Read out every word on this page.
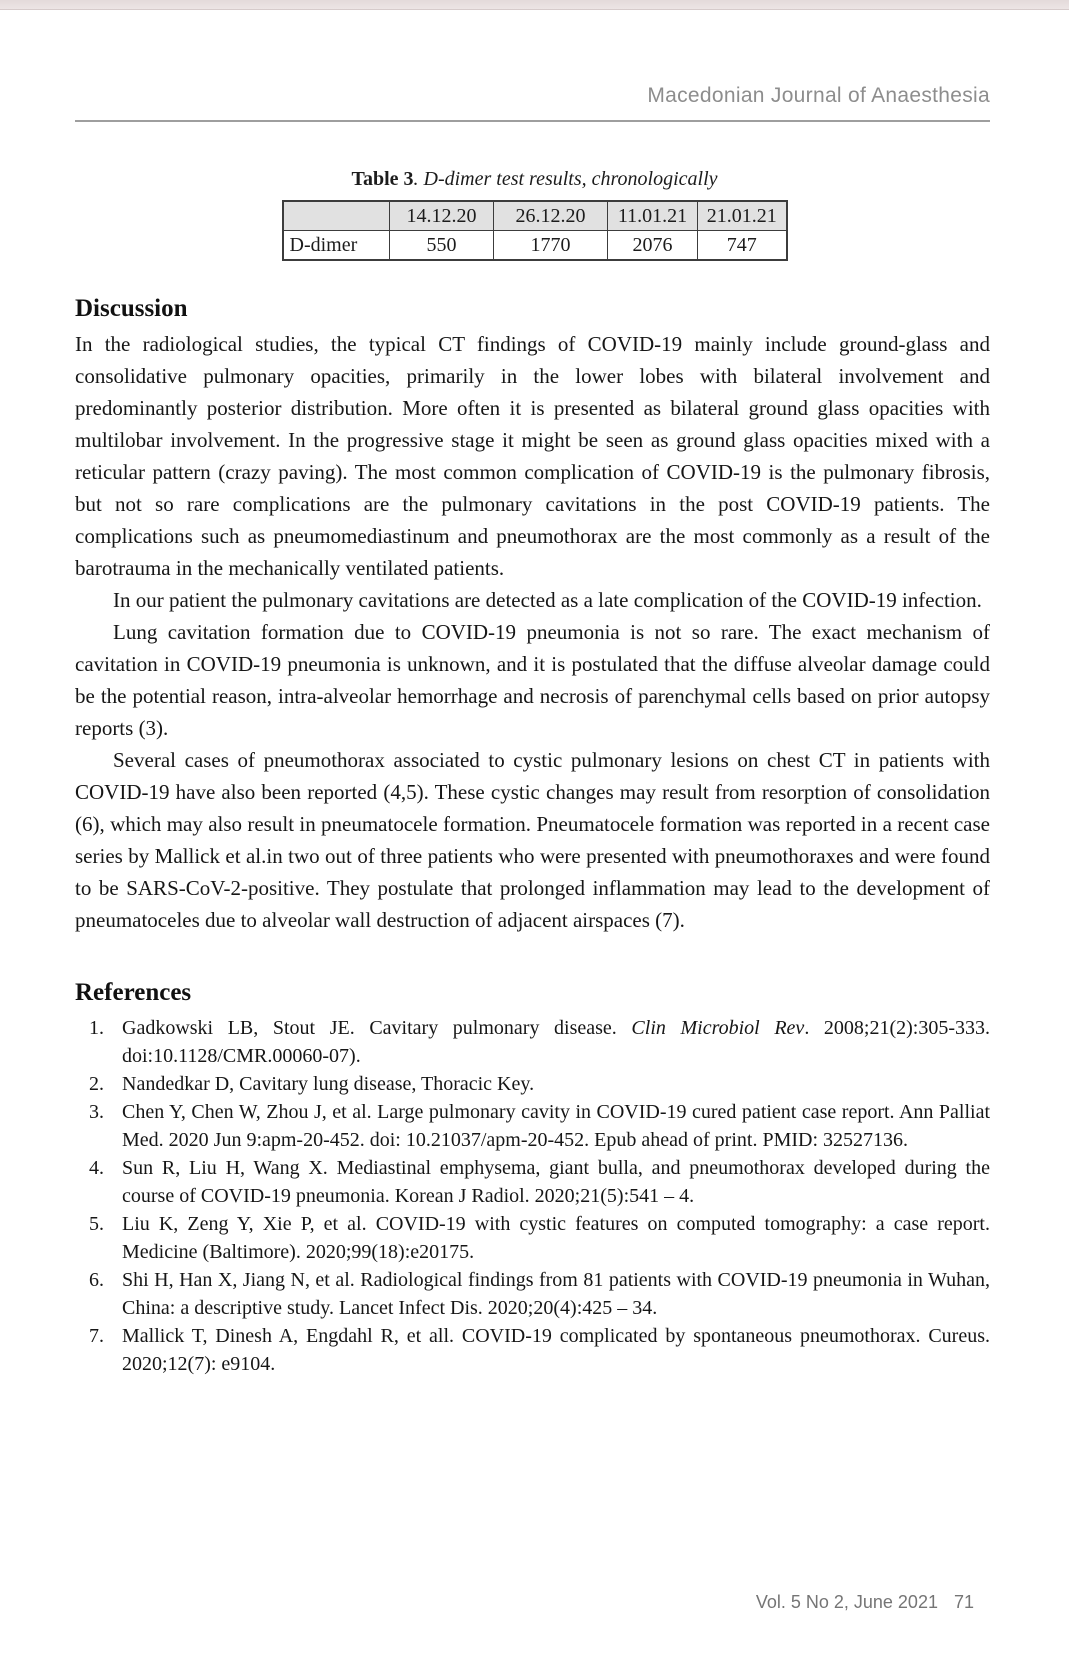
Macedonian Journal of Anaesthesia
Table 3. D-dimer test results, chronologically
	14.12.20	26.12.20	11.01.21	21.01.21
D-dimer	550	1770	2076	747
Discussion

In the radiological studies, the typical CT findings of COVID-19 mainly include ground-glass and consolidative pulmonary opacities, primarily in the lower lobes with bilateral involvement and predominantly posterior distribution. More often it is presented as bilateral ground glass opacities with multilobar involvement. In the progressive stage it might be seen as ground glass opacities mixed with a reticular pattern (crazy paving). The most common complication of COVID-19 is the pulmonary fibrosis, but not so rare complications are the pulmonary cavitations in the post COVID-19 patients. The complications such as pneumomediastinum and pneumothorax are the most commonly as a result of the barotrauma in the mechanically ventilated patients.

In our patient the pulmonary cavitations are detected as a late complication of the COVID-19 infection.

Lung cavitation formation due to COVID-19 pneumonia is not so rare. The exact mechanism of cavitation in COVID-19 pneumonia is unknown, and it is postulated that the diffuse alveolar damage could be the potential reason, intra-alveolar hemorrhage and necrosis of parenchymal cells based on prior autopsy reports (3).

Several cases of pneumothorax associated to cystic pulmonary lesions on chest CT in patients with COVID-19 have also been reported (4,5). These cystic changes may result from resorption of consolidation (6), which may also result in pneumatocele formation. Pneumatocele formation was reported in a recent case series by Mallick et al.in two out of three patients who were presented with pneumothoraxes and were found to be SARS-CoV-2-positive. They postulate that prolonged inflammation may lead to the development of pneumatoceles due to alveolar wall destruction of adjacent airspaces (7).

References
Gadkowski LB, Stout JE. Cavitary pulmonary disease. Clin Microbiol Rev. 2008;21(2):305-333. doi:10.1128/CMR.00060-07).
Nandedkar D, Cavitary lung disease, Thoracic Key.
Chen Y, Chen W, Zhou J, et al. Large pulmonary cavity in COVID-19 cured patient case report. Ann Palliat Med. 2020 Jun 9:apm-20-452. doi: 10.21037/apm-20-452. Epub ahead of print. PMID: 32527136.
Sun R, Liu H, Wang X. Mediastinal emphysema, giant bulla, and pneumothorax developed during the course of COVID-19 pneumonia. Korean J Radiol. 2020;21(5):541 – 4.
Liu K, Zeng Y, Xie P, et al. COVID-19 with cystic features on computed tomography: a case report. Medicine (Baltimore). 2020;99(18):e20175.
Shi H, Han X, Jiang N, et al. Radiological findings from 81 patients with COVID-19 pneumonia in Wuhan, China: a descriptive study. Lancet Infect Dis. 2020;20(4):425 – 34.
Mallick T, Dinesh A, Engdahl R, et all. COVID-19 complicated by spontaneous pneumothorax. Cureus. 2020;12(7): e9104.
Vol. 5 No 2, June 2021 71
